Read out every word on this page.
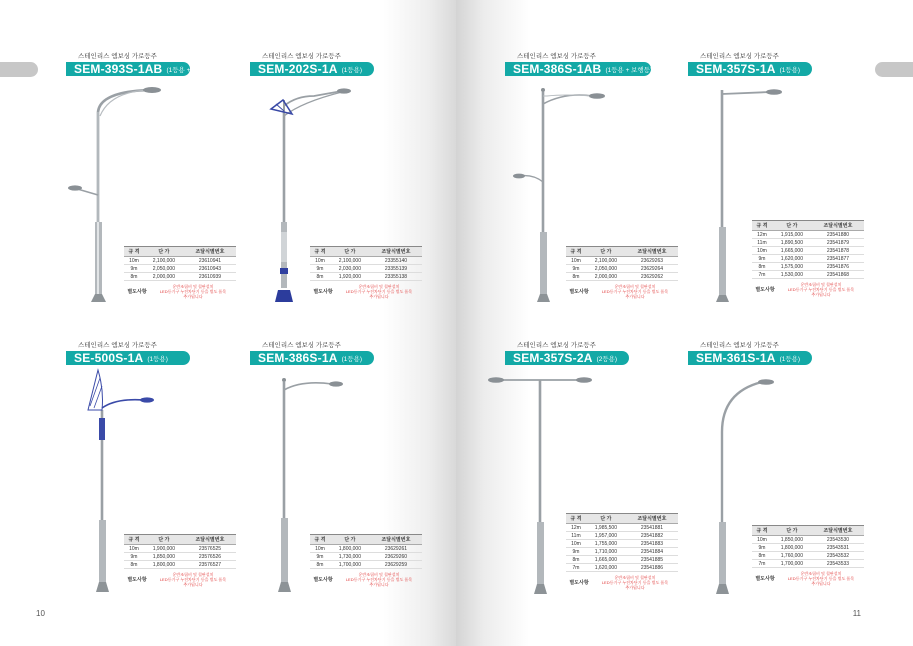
10	11
스테인리스 엠보싱 가로등주
SEM-393S-1AB (1등용 + 보행등)
규 격	단 가	조달식별번호
10m	2,100,000	23610941
9m	2,050,000	23610943
8m	2,000,000	23610939
별도사항
운반조립비 및 철판설치
LED등기구 누전차단기 등을 별도 품목
추가됩니다
스테인리스 엠보싱 가로등주
SEM-202S-1A (1등용)
규 격	단 가	조달식별번호
10m	2,100,000	23355140
9m	2,030,000	23355139
8m	1,920,000	23355138
별도사항
운반조립비 및 철판설치
LED등기구 누전차단기 등을 별도 품목
추가됩니다
스테인리스 엠보싱 가로등주
SEM-386S-1AB (1등용 + 보행등)
규 격	단 가	조달식별번호
10m	2,100,000	23629263
9m	2,050,000	23629264
8m	2,000,000	23629262
별도사항
운반조립비 및 철판설치
LED등기구 누전차단기 등을 별도 품목
추가됩니다
스테인리스 엠보싱 가로등주
SEM-357S-1A (1등용)
규 격	단 가	조달식별번호
12m	1,915,000	23541880
11m	1,890,500	23541879
10m	1,665,000	23541878
9m	1,620,000	23541877
8m	1,575,000	23541876
7m	1,530,000	23541868
별도사항
운반조립비 및 철판설치
LED등기구 누전차단기 등을 별도 품목
추가됩니다
스테인리스 엠보싱 가로등주
SE-500S-1A (1등용)
규 격	단 가	조달식별번호
10m	1,900,000	23576525
9m	1,850,000	23576526
8m	1,800,000	23576527
별도사항
운반조립비 및 철판설치
LED등기구 누전차단기 등을 별도 품목
추가됩니다
스테인리스 엠보싱 가로등주
SEM-386S-1A (1등용)
규 격	단 가	조달식별번호
10m	1,800,000	23629261
9m	1,730,000	23629260
8m	1,700,000	23629259
별도사항
운반조립비 및 철판설치
LED등기구 누전차단기 등을 별도 품목
추가됩니다
스테인리스 엠보싱 가로등주
SEM-357S-2A (2등용)
규 격	단 가	조달식별번호
12m	1,985,500	23541881
11m	1,957,000	23541882
10m	1,755,000	23541883
9m	1,710,000	23541884
8m	1,665,000	23541885
7m	1,620,000	23541886
별도사항
운반조립비 및 철판설치
LED등기구 누전차단기 등을 별도 품목
추가됩니다
스테인리스 엠보싱 가로등주
SEM-361S-1A (1등용)
규 격	단 가	조달식별번호
10m	1,850,000	23543530
9m	1,800,000	23543531
8m	1,760,000	23543532
7m	1,700,000	23543533
별도사항
운반조립비 및 철판설치
LED등기구 누전차단기 등을 별도 품목
추가됩니다
